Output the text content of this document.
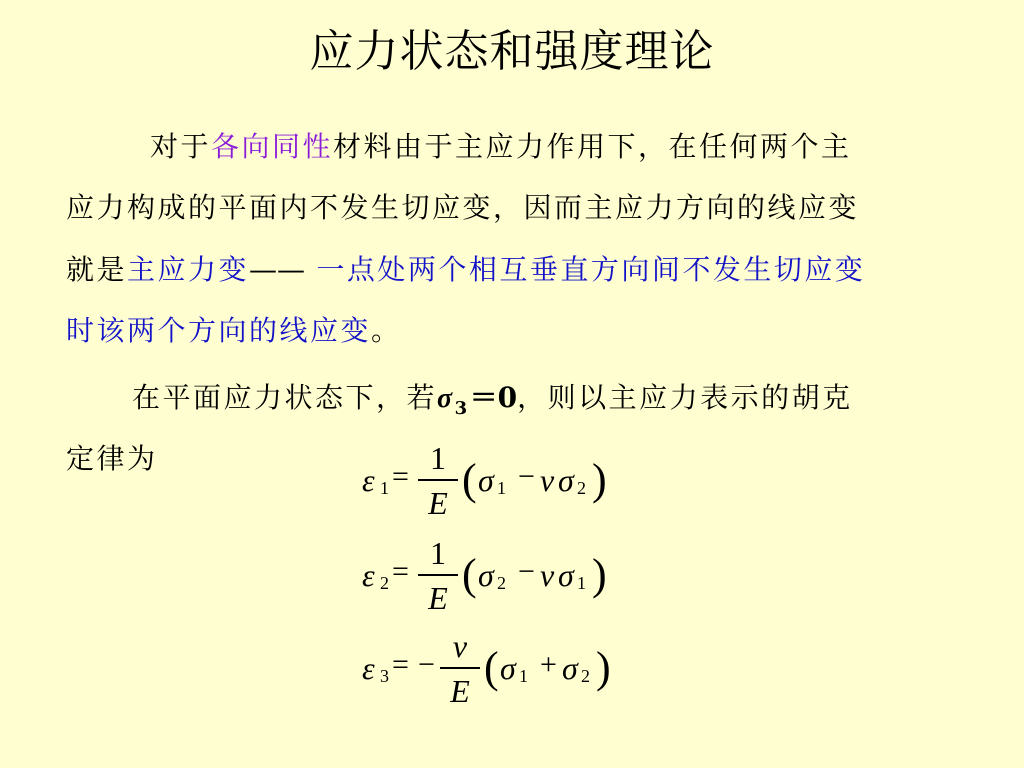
应力状态和强度理论
对于各向同性材料由于主应力作用下，在任何两个主
应力构成的平面内不发生切应变，因而主应力方向的线应变
就是主应力变—— 一点处两个相互垂直方向间不发生切应变
时该两个方向的线应变。
在平面应力状态下，若$\sigma_3=0$，则以主应力表示的胡克
定律为
ε 1 =
1
E ( σ 1 − ν σ 2 )
ε 2 =
1
E ( σ 2 − ν σ 1 )
ε 3 = −
ν
E ( σ 1 + σ 2 )
